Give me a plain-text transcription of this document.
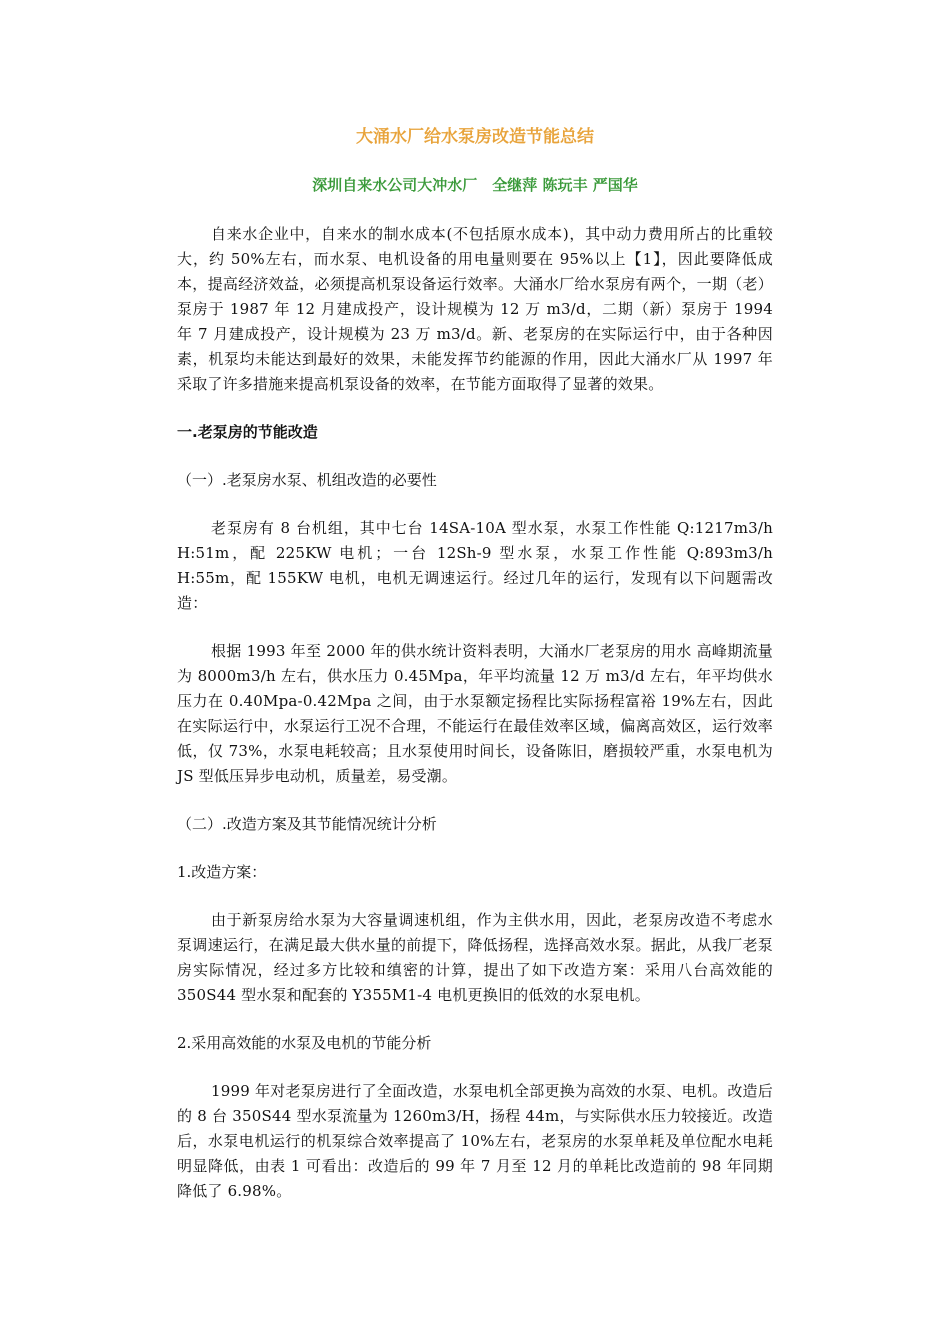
大涌水厂给水泵房改造节能总结

深圳自来水公司大冲水厂　全继萍 陈玩丰 严国华

自来水企业中，自来水的制水成本(不包括原水成本)，其中动力费用所占的比重较大，约 50%左右，而水泵、电机设备的用电量则要在 95%以上【1】，因此要降低成本，提高经济效益，必须提高机泵设备运行效率。大涌水厂给水泵房有两个，一期（老）泵房于 1987 年 12 月建成投产，设计规模为 12 万 m3/d，二期（新）泵房于 1994 年 7 月建成投产，设计规模为 23 万 m3/d。新、老泵房的在实际运行中，由于各种因素，机泵均未能达到最好的效果，未能发挥节约能源的作用，因此大涌水厂从 1997 年采取了许多措施来提高机泵设备的效率，在节能方面取得了显著的效果。

一.老泵房的节能改造

（一）.老泵房水泵、机组改造的必要性

老泵房有 8 台机组，其中七台 14SA-10A 型水泵，水泵工作性能 Q:1217m3/h H:51m，配 225KW 电机；一台 12Sh-9 型水泵，水泵工作性能 Q:893m3/h H:55m，配 155KW 电机，电机无调速运行。经过几年的运行，发现有以下问题需改造：

根据 1993 年至 2000 年的供水统计资料表明，大涌水厂老泵房的用水 高峰期流量为 8000m3/h 左右，供水压力 0.45Mpa，年平均流量 12 万 m3/d 左右，年平均供水压力在 0.40Mpa-0.42Mpa 之间，由于水泵额定扬程比实际扬程富裕 19%左右，因此在实际运行中，水泵运行工况不合理，不能运行在最佳效率区域，偏离高效区，运行效率低，仅 73%，水泵电耗较高；且水泵使用时间长，设备陈旧，磨损较严重，水泵电机为 JS 型低压异步电动机，质量差，易受潮。

（二）.改造方案及其节能情况统计分析

1.改造方案：

由于新泵房给水泵为大容量调速机组，作为主供水用，因此，老泵房改造不考虑水泵调速运行，在满足最大供水量的前提下，降低扬程，选择高效水泵。据此，从我厂老泵房实际情况，经过多方比较和缜密的计算，提出了如下改造方案：采用八台高效能的 350S44 型水泵和配套的 Y355M1-4 电机更换旧的低效的水泵电机。

2.采用高效能的水泵及电机的节能分析

1999 年对老泵房进行了全面改造，水泵电机全部更换为高效的水泵、电机。改造后的 8 台 350S44 型水泵流量为 1260m3/H，扬程 44m，与实际供水压力较接近。改造后，水泵电机运行的机泵综合效率提高了 10%左右，老泵房的水泵单耗及单位配水电耗明显降低，由表 1 可看出：改造后的 99 年 7 月至 12 月的单耗比改造前的 98 年同期降低了 6.98%。
